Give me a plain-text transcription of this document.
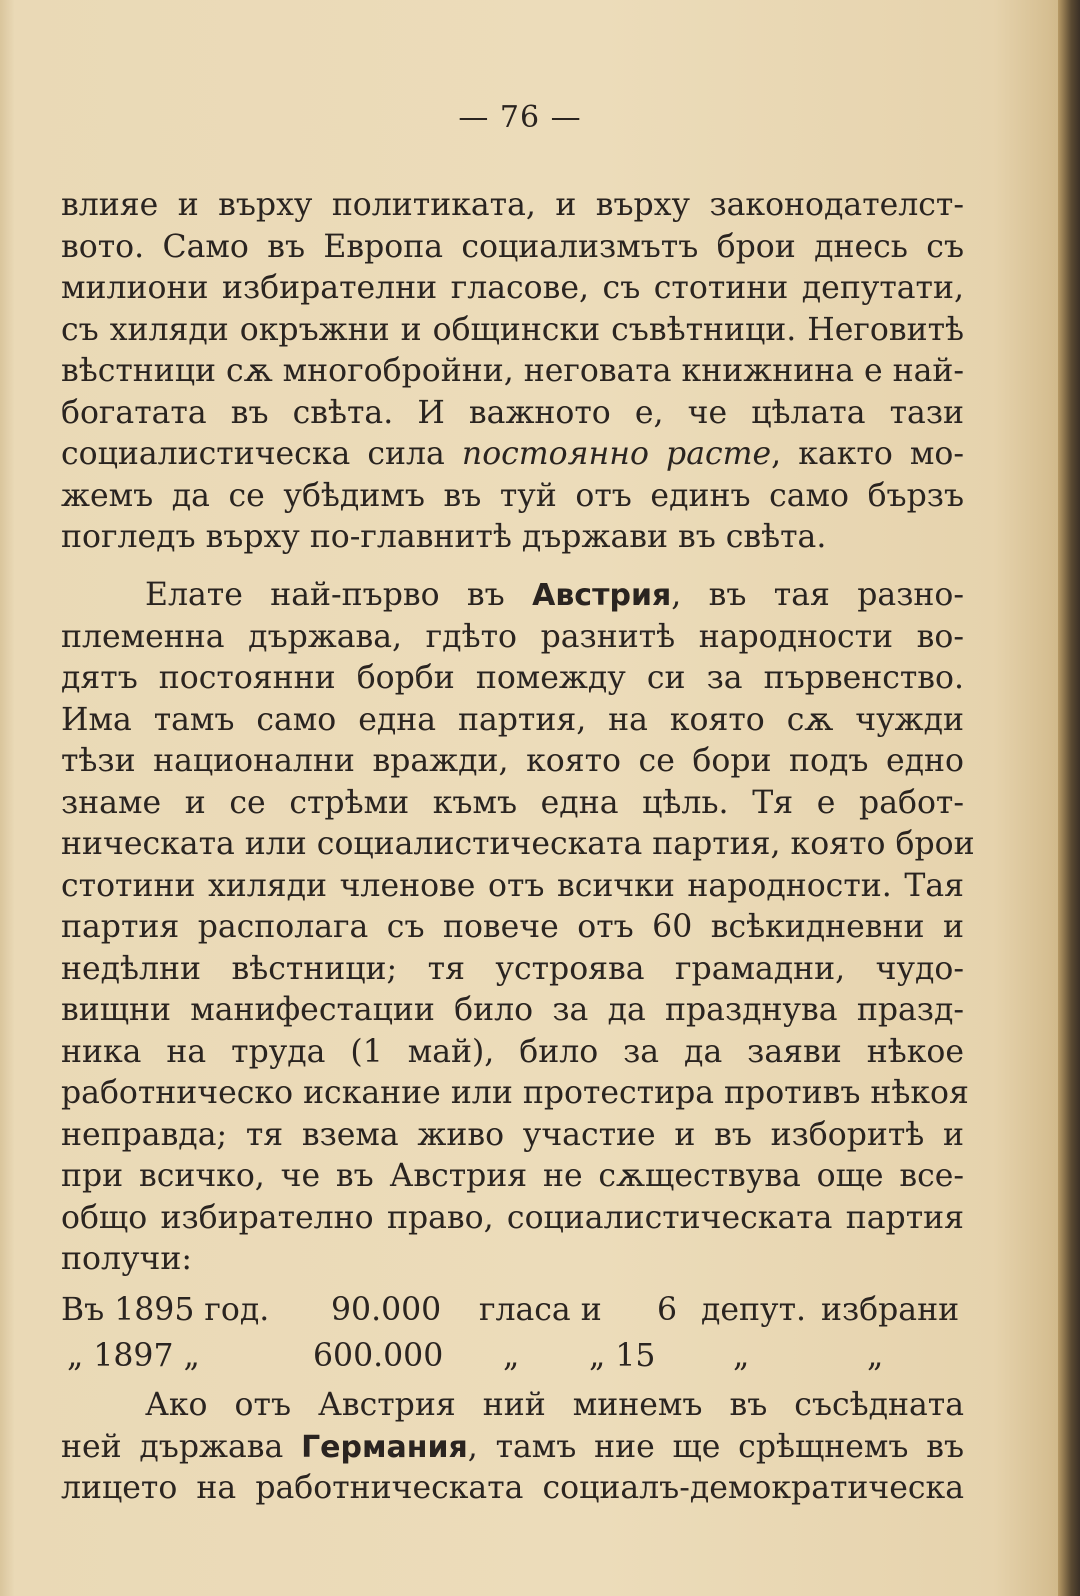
— 76 —
влияе и върху политиката, и върху законодателст-
вото. Само въ Европа социализмътъ брои днесь съ
милиони избирателни гласове, съ стотини депутати,
съ хиляди окръжни и общински съвѣтници. Неговитѣ
вѣстници сѫ многобройни, неговата книжнина е най-
богатата въ свѣта. И важното е, че цѣлата тази
социалистическа сила постоянно расте, както мо-
жемъ да се убѣдимъ въ туй отъ единъ само бързъ
погледъ върху по-главнитѣ държави въ свѣта.
Елате най-първо въ Австрия, въ тая разно-
племенна държава, гдѣто разнитѣ народности во-
дятъ постоянни борби помежду си за първенство.
Има тамъ само една партия, на която сѫ чужди
тѣзи национални вражди, която се бори подъ едно
знаме и се стрѣми къмъ една цѣль. Тя е работ-
ническата или социалистическата партия, която брои
стотини хиляди членове отъ всички народности. Тая
партия располага съ повече отъ 60 всѣкидневни и
недѣлни вѣстници; тя устроява грамадни, чудо-
вищни манифестации било за да празднува празд-
ника на труда (1 май), било за да заяви нѣкое
работническо искание или протестира противъ нѣкоя
неправда; тя взема живо участие и въ изборитѣ и
при всичко, че въ Австрия не сѫществува още все-
общо избирателно право, социалистическата партия
получи:
Въ 1895 год. 90.000 гласа и 6 депут. избрани
„ 1897 „	600.000 „ „ 15 „	„
Ако отъ Австрия ний минемъ въ съсѣдната
ней държава Германия, тамъ ние ще срѣщнемъ въ
лицето на работническата социалъ-демократическа
